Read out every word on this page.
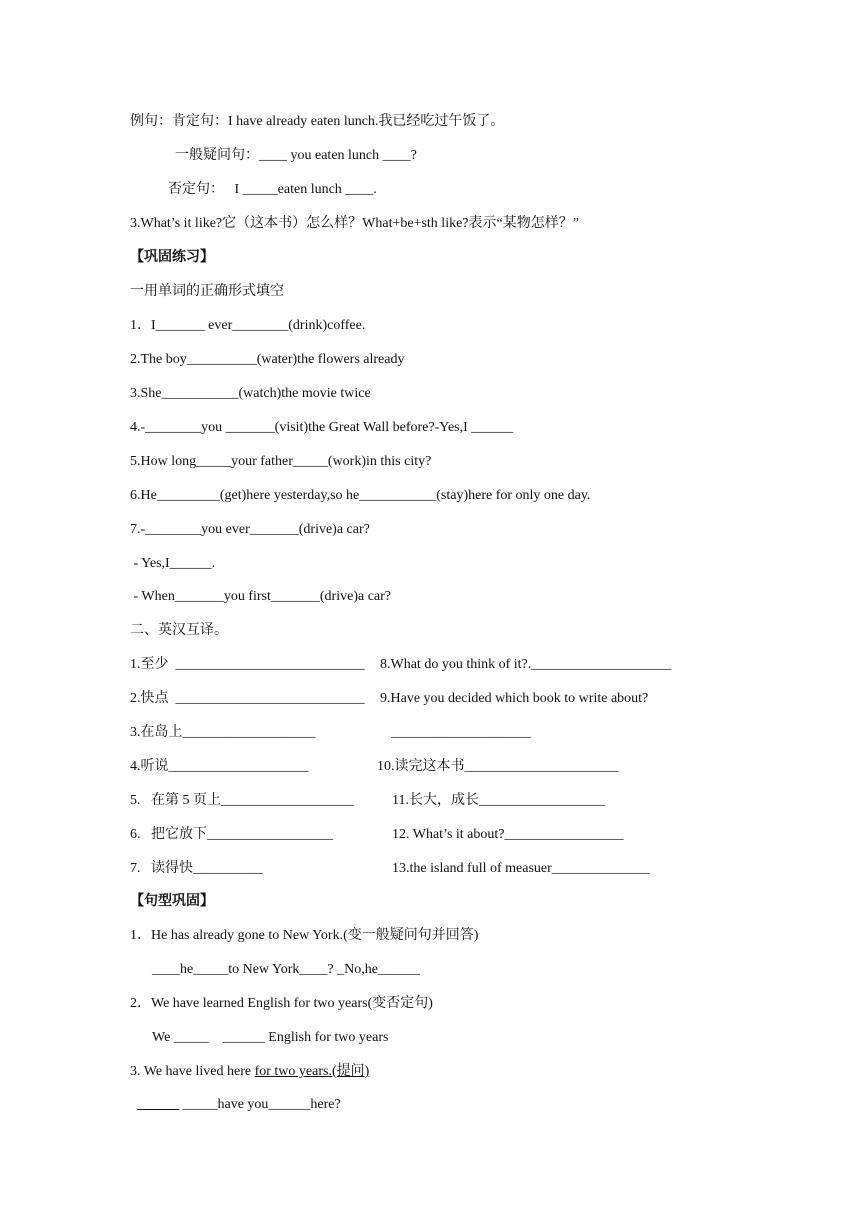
例句：肯定句：I have already eaten lunch.我已经吃过午饭了。
一般疑问句：____ you eaten lunch ____?
否定句：   I _____eaten lunch ____.
3.What’s it like?它（这本书）怎么样？What+be+sth like?表示“某物怎样？”
【巩固练习】
一用单词的正确形式填空
1．I_______ ever________(drink)coffee.
2.The boy__________(water)the flowers already
3.She___________(watch)the movie twice
4.-________you _______(visit)the Great Wall before?-Yes,I ______
5.How long_____your father_____(work)in this city?
6.He_________(get)here yesterday,so he___________(stay)here for only one day.
7.-________you ever_______(drive)a car?
- Yes,I______.
- When_______you first_______(drive)a car?
二、英汉互译。
1.至少  ___________________________ 8.What do you think of it?.____________________
2.快点  ___________________________ 9.Have you decided which book to write about?
3.在岛上___________________	____________________
4.听说____________________	10.读完这本书______________________
5.   在第 5 页上___________________	11.长大，成长__________________
6.   把它放下__________________	12. What’s it about?_________________
7.   读得快__________	13.the island full of measuer______________
【句型巩固】
1．He has already gone to New York.(变一般疑问句并回答)
____he_____to New York____? _No,he______
2．We have learned English for two years(变否定句)
We _____    ______ English for two years
3. We have lived here for two years.(提问)
______ _____have you______here?
